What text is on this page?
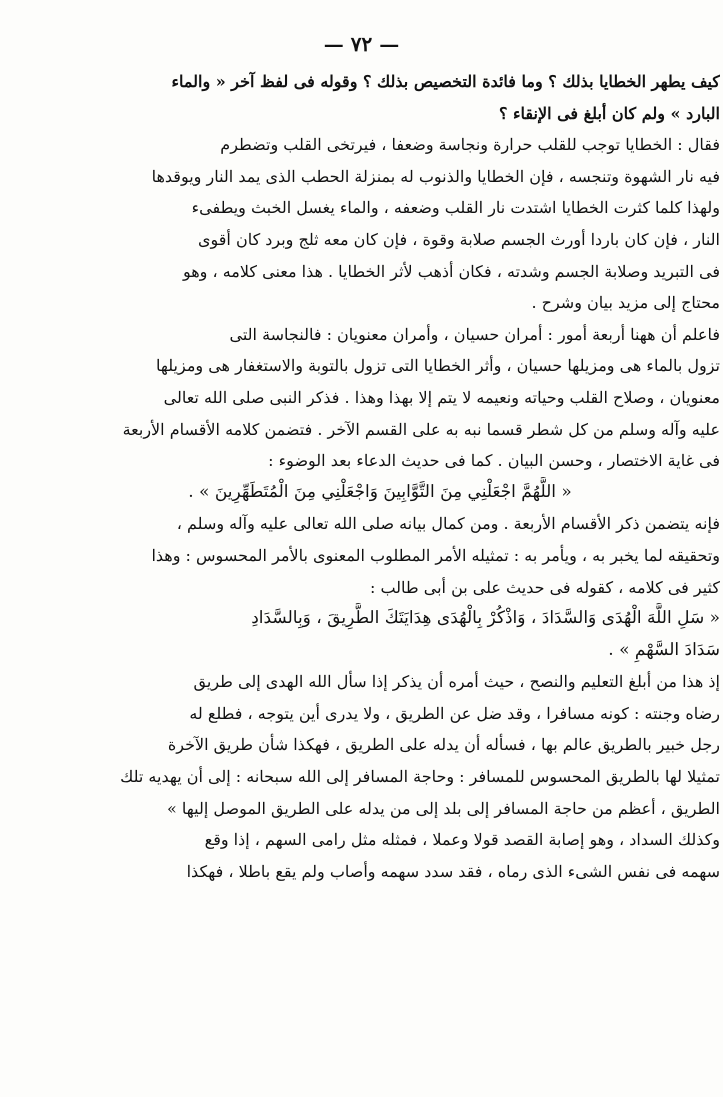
— ٧٢ —
كيف يطهر الخطايا بذلك ؟ وما فائدة التخصيص بذلك ؟ وقوله فى لفظ آخر « والماء
البارد » ولم كان أبلغ فى الإنقاء ؟
فقال : الخطايا توجب للقلب حرارة ونجاسة وضعفا ، فيرتخى القلب وتضطرم
فيه نار الشهوة وتنجسه ، فإن الخطايا والذنوب له بمنزلة الحطب الذى يمد النار ويوقدها
ولهذا كلما كثرت الخطايا اشتدت نار القلب وضعفه ، والماء يغسل الخبث ويطفىء
النار ، فإن كان باردا أورث الجسم صلابة وقوة ، فإن كان معه ثلج وبرد كان أقوى
فى التبريد وصلابة الجسم وشدته ، فكان أذهب لأثر الخطايا . هذا معنى كلامه ، وهو
محتاج إلى مزيد بيان وشرح .
فاعلم أن ههنا أربعة أمور : أمران حسيان ، وأمران معنويان : فالنجاسة التى
تزول بالماء هى ومزيلها حسيان ، وأثر الخطايا التى تزول بالتوبة والاستغفار هى ومزيلها
معنويان ، وصلاح القلب وحياته ونعيمه لا يتم إلا بهذا وهذا . فذكر النبى صلى الله تعالى
عليه وآله وسلم من كل شطر قسما نبه به على القسم الآخر . فتضمن كلامه الأقسام الأربعة
فى غاية الاختصار ، وحسن البيان . كما فى حديث الدعاء بعد الوضوء :
« اللَّهُمَّ اجْعَلْنِي مِنَ التَّوَّابِينَ وَاجْعَلْنِي مِنَ الْمُتَطَهِّرِينَ » .
فإنه يتضمن ذكر الأقسام الأربعة . ومن كمال بيانه صلى الله تعالى عليه وآله وسلم ،
وتحقيقه لما يخبر به ، ويأمر به : تمثيله الأمر المطلوب المعنوى بالأمر المحسوس : وهذا
كثير فى كلامه ، كقوله فى حديث على بن أبى طالب :
« سَلِ اللَّهَ الْهُدَى وَالسَّدَادَ ، وَاذْكُرْ بِالْهُدَى هِدَايَتَكَ الطَّرِيقَ ، وَبِالسَّدَادِ
سَدَادَ السَّهْمِ » .
إذ هذا من أبلغ التعليم والنصح ، حيث أمره أن يذكر إذا سأل الله الهدى إلى طريق
رضاه وجنته : كونه مسافرا ، وقد ضل عن الطريق ، ولا يدرى أين يتوجه ، فطلع له
رجل خبير بالطريق عالم بها ، فسأله أن يدله على الطريق ، فهكذا شأن طريق الآخرة
تمثيلا لها بالطريق المحسوس للمسافر : وحاجة المسافر إلى الله سبحانه : إلى أن يهديه تلك
الطريق ، أعظم من حاجة المسافر إلى بلد إلى من يدله على الطريق الموصل إليها »
وكذلك السداد ، وهو إصابة القصد قولا وعملا ، فمثله مثل رامى السهم ، إذا وقع
سهمه فى نفس الشىء الذى رماه ، فقد سدد سهمه وأصاب ولم يقع باطلا ، فهكذا
